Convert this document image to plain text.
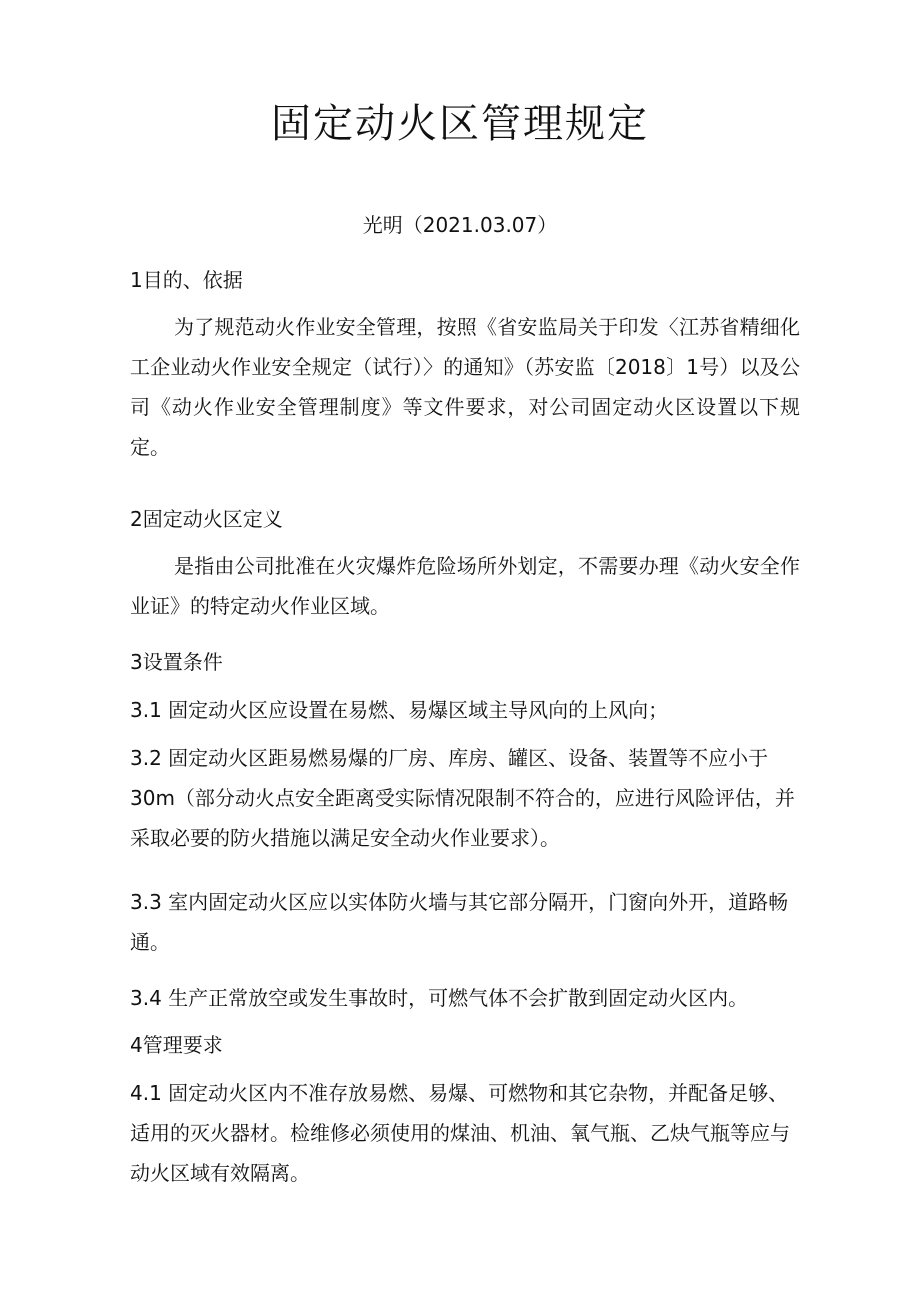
固定动火区管理规定

光明（2021.03.07）

1目的、依据

为了规范动火作业安全管理，按照《省安监局关于印发〈江苏省精细化工企业动火作业安全规定（试行）〉的通知》（苏安监〔2018〕1号）以及公司《动火作业安全管理制度》等文件要求，对公司固定动火区设置以下规定。

2固定动火区定义

是指由公司批准在火灾爆炸危险场所外划定，不需要办理《动火安全作业证》的特定动火作业区域。

3设置条件

3.1 固定动火区应设置在易燃、易爆区域主导风向的上风向；

3.2 固定动火区距易燃易爆的厂房、库房、罐区、设备、装置等不应小于30m（部分动火点安全距离受实际情况限制不符合的，应进行风险评估，并采取必要的防火措施以满足安全动火作业要求）。

3.3 室内固定动火区应以实体防火墙与其它部分隔开，门窗向外开，道路畅通。

3.4 生产正常放空或发生事故时，可燃气体不会扩散到固定动火区内。

4管理要求

4.1 固定动火区内不准存放易燃、易爆、可燃物和其它杂物，并配备足够、适用的灭火器材。检维修必须使用的煤油、机油、氧气瓶、乙炔气瓶等应与动火区域有效隔离。
